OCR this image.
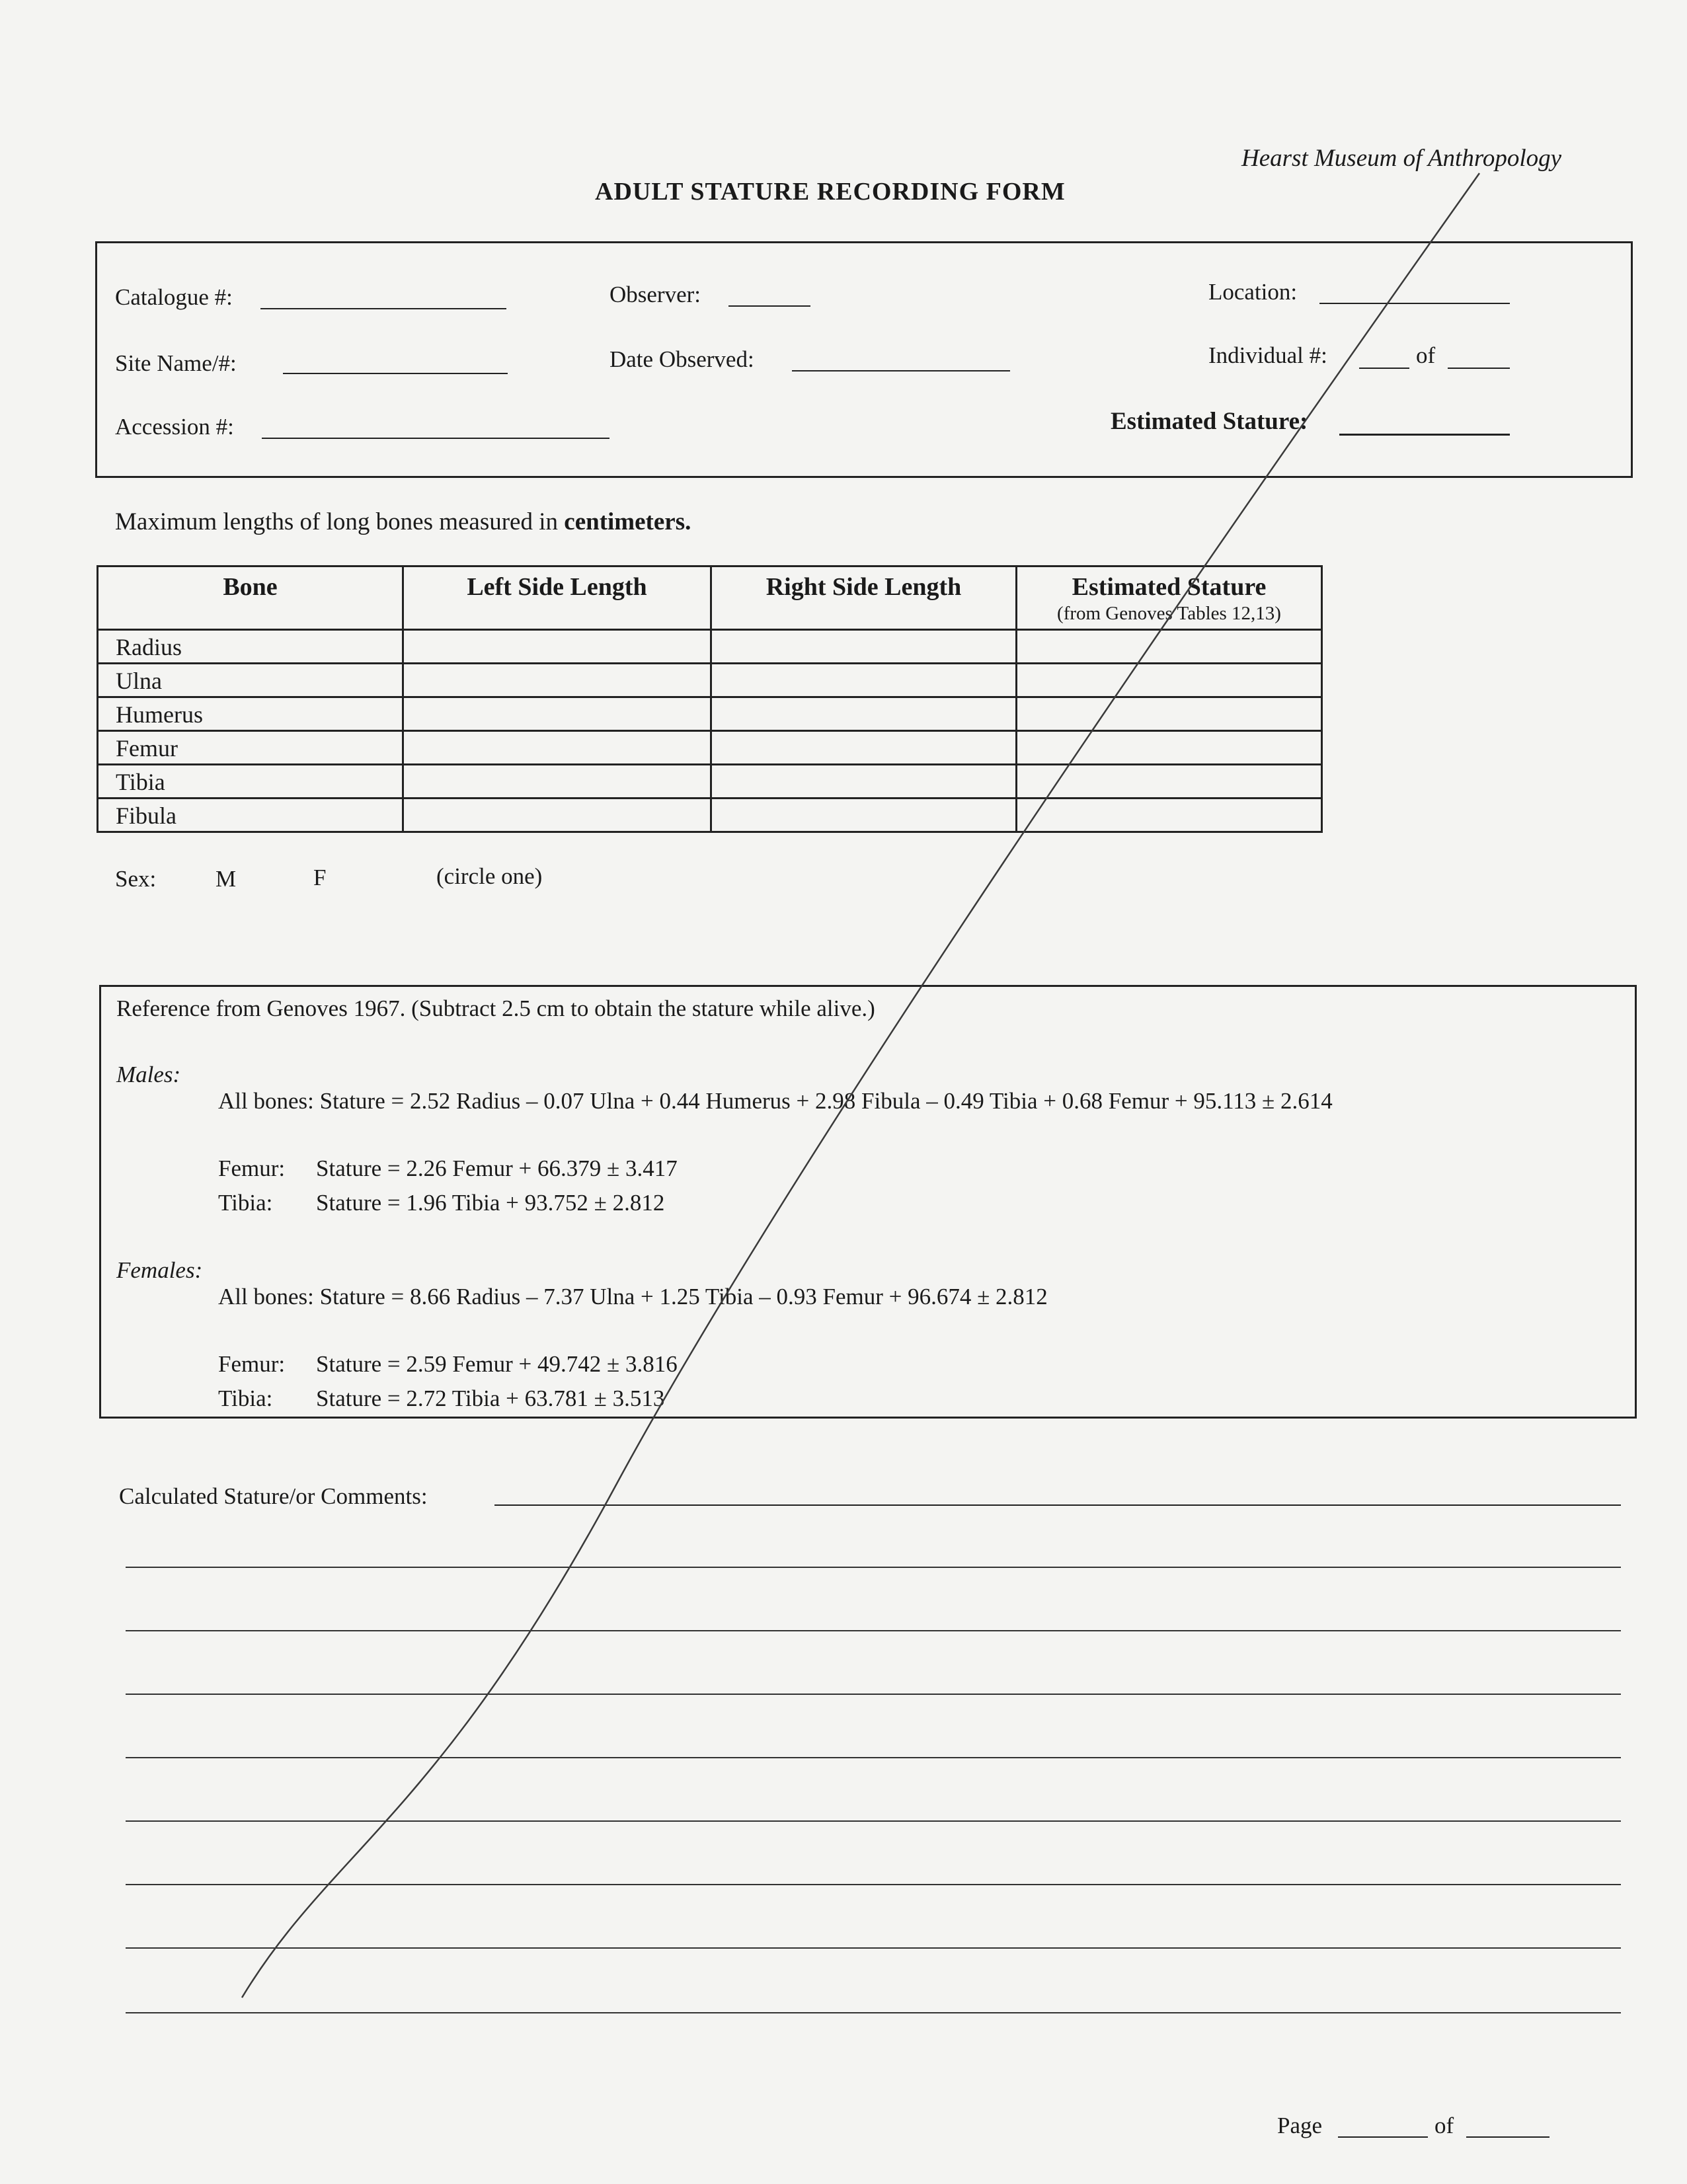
Hearst Museum of Anthropology
ADULT STATURE RECORDING FORM
Catalogue #:	Observer:	Location:
Site Name/#:	Date Observed:	Individual #:	of
Accession #:	Estimated Stature:
Maximum lengths of long bones measured in centimeters.
Bone	Left Side Length	Right Side Length	Estimated Stature
(from Genoves Tables 12,13)

Radius			
Ulna			
Humerus			
Femur			
Tibia			
Fibula			
Sex:	M	F	(circle one)
Reference from Genoves 1967. (Subtract 2.5 cm to obtain the stature while alive.)
Males:
All bones: Stature = 2.52 Radius – 0.07 Ulna + 0.44 Humerus + 2.98 Fibula – 0.49 Tibia + 0.68 Femur + 95.113 ± 2.614
Femur: Stature = 2.26 Femur + 66.379 ± 3.417
Tibia: Stature = 1.96 Tibia + 93.752 ± 2.812
Females:
All bones: Stature = 8.66 Radius – 7.37 Ulna + 1.25 Tibia – 0.93 Femur + 96.674 ± 2.812
Femur: Stature = 2.59 Femur + 49.742 ± 3.816
Tibia: Stature = 2.72 Tibia + 63.781 ± 3.513
Calculated Stature/or Comments:
Page	of
